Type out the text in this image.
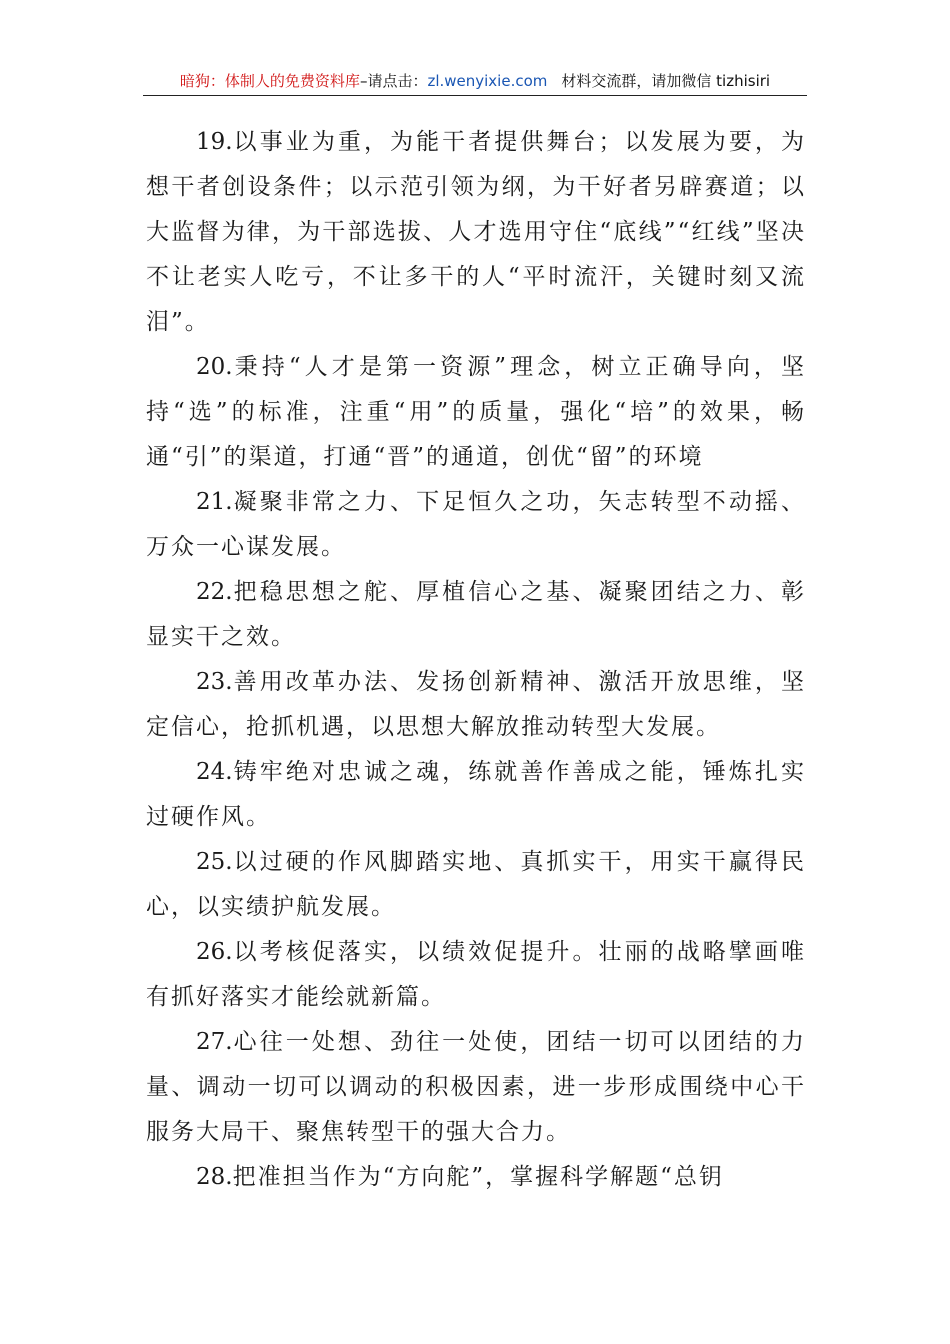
暗狗：体制人的免费资料库–请点击：zl.wenyixie.com 材料交流群，请加微信 tizhisiri

19.以事业为重，为能干者提供舞台；以发展为要，为想干者创设条件；以示范引领为纲，为干好者另辟赛道；以大监督为律，为干部选拔、人才选用守住“底线”“红线”坚决不让老实人吃亏，不让多干的人“平时流汗，关键时刻又流泪”。

20.秉持“人才是第一资源”理念，树立正确导向，坚持“选”的标准，注重“用”的质量，强化“培”的效果，畅通“引”的渠道，打通“晋”的通道，创优“留”的环境

21.凝聚非常之力、下足恒久之功，矢志转型不动摇、万众一心谋发展。

22.把稳思想之舵、厚植信心之基、凝聚团结之力、彰显实干之效。

23.善用改革办法、发扬创新精神、激活开放思维，坚定信心，抢抓机遇，以思想大解放推动转型大发展。

24.铸牢绝对忠诚之魂，练就善作善成之能，锤炼扎实过硬作风。

25.以过硬的作风脚踏实地、真抓实干，用实干赢得民心，以实绩护航发展。

26.以考核促落实，以绩效促提升。壮丽的战略擘画唯有抓好落实才能绘就新篇。

27.心往一处想、劲往一处使，团结一切可以团结的力量、调动一切可以调动的积极因素，进一步形成围绕中心干服务大局干、聚焦转型干的强大合力。

28.把准担当作为“方向舵”，掌握科学解题“总钥
